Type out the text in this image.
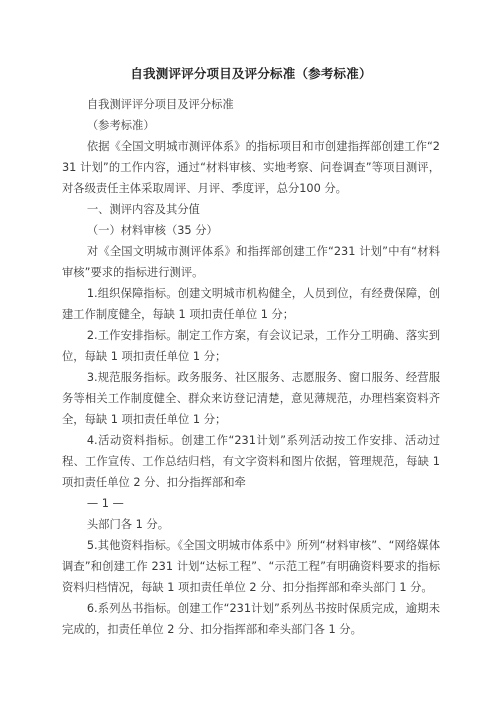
自我测评评分项目及评分标准（参考标准）

自我测评评分项目及评分标准

（参考标准）

依据《全国文明城市测评体系》的指标项目和市创建指挥部创建工作“231 计划”的工作内容，通过“材料审核、实地考察、问卷调查”等项目测评，对各级责任主体采取周评、月评、季度评，总分100 分。

一、测评内容及其分值

（一）材料审核（35 分）

对《全国文明城市测评体系》和指挥部创建工作“231 计划”中有“材料审核”要求的指标进行测评。

1.组织保障指标。创建文明城市机构健全，人员到位，有经费保障，创建工作制度健全，每缺 1 项扣责任单位 1 分；

2.工作安排指标。制定工作方案，有会议记录，工作分工明确、落实到位，每缺 1 项扣责任单位 1 分；

3.规范服务指标。政务服务、社区服务、志愿服务、窗口服务、经营服务等相关工作制度健全、群众来访登记清楚，意见薄规范，办理档案资料齐全，每缺 1 项扣责任单位 1 分；

4.活动资料指标。创建工作“231计划”系列活动按工作安排、活动过程、工作宣传、工作总结归档，有文字资料和图片依据，管理规范，每缺 1 项扣责任单位 2 分、扣分指挥部和牵

— 1 —

头部门各 1 分。

5.其他资料指标。《全国文明城市体系中》所列“材料审核”、“网络媒体调查”和创建工作 231 计划“达标工程”、“示范工程”有明确资料要求的指标资料归档情况，每缺 1 项扣责任单位 2 分、扣分指挥部和牵头部门 1 分。

6.系列丛书指标。创建工作“231计划”系列丛书按时保质完成，逾期未完成的，扣责任单位 2 分、扣分指挥部和牵头部门各 1 分。
